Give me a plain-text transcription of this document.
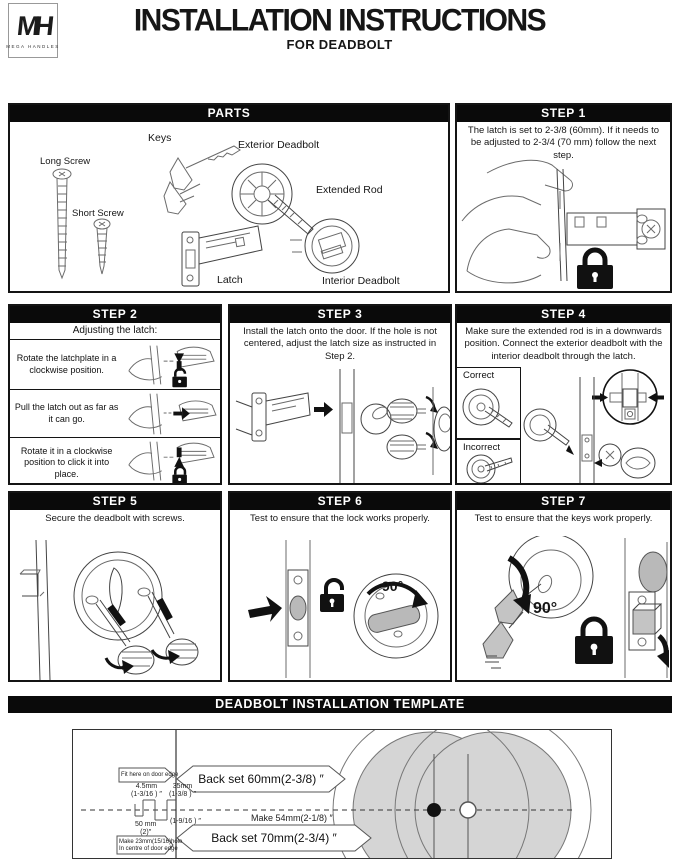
MH
MEGA HANDLES
INSTALLATION INSTRUCTIONS
FOR DEADBOLT
PARTS
Long Screw
Short Screw
Keys
Exterior Deadbolt
Extended Rod
Latch	Interior Deadbolt
STEP 1
The latch is set to 2-3/8 (60mm). If it needs to be adjusted to 2-3/4 (70 mm) follow the next step.
STEP 2
Adjusting the latch:
Rotate the latchplate in a clockwise position.
Pull the latch out as far as it can go.
Rotate it in a clockwise position to click it into place.
STEP 3
Install the latch onto the door. If the hole is not centered, adjust the latch size as instructed in Step 2.
STEP 4
Make sure the extended rod is in a downwards position. Connect the exterior deadbolt with the interior deadbolt through the latch.
Correct
Incorrect
STEP 5
Secure the deadbolt with screws.
STEP 6
Test to ensure that the lock works properly.
90°
STEP 7
Test to ensure that the keys work properly.
90°
DEADBOLT INSTALLATION TEMPLATE
Fit here on door edge	Back set 60mm(2-3/8) ″
Back set 70mm(2-3/4) ″
4.5mm
(1-3/16 ) ″
35mm
(1-3/8 ) ″
(1-9/16 ) ″
50 mm
(2)″
Make 54mm(2-1/8) ″
Make 23mm(15/16)hole
In centre of door edge
